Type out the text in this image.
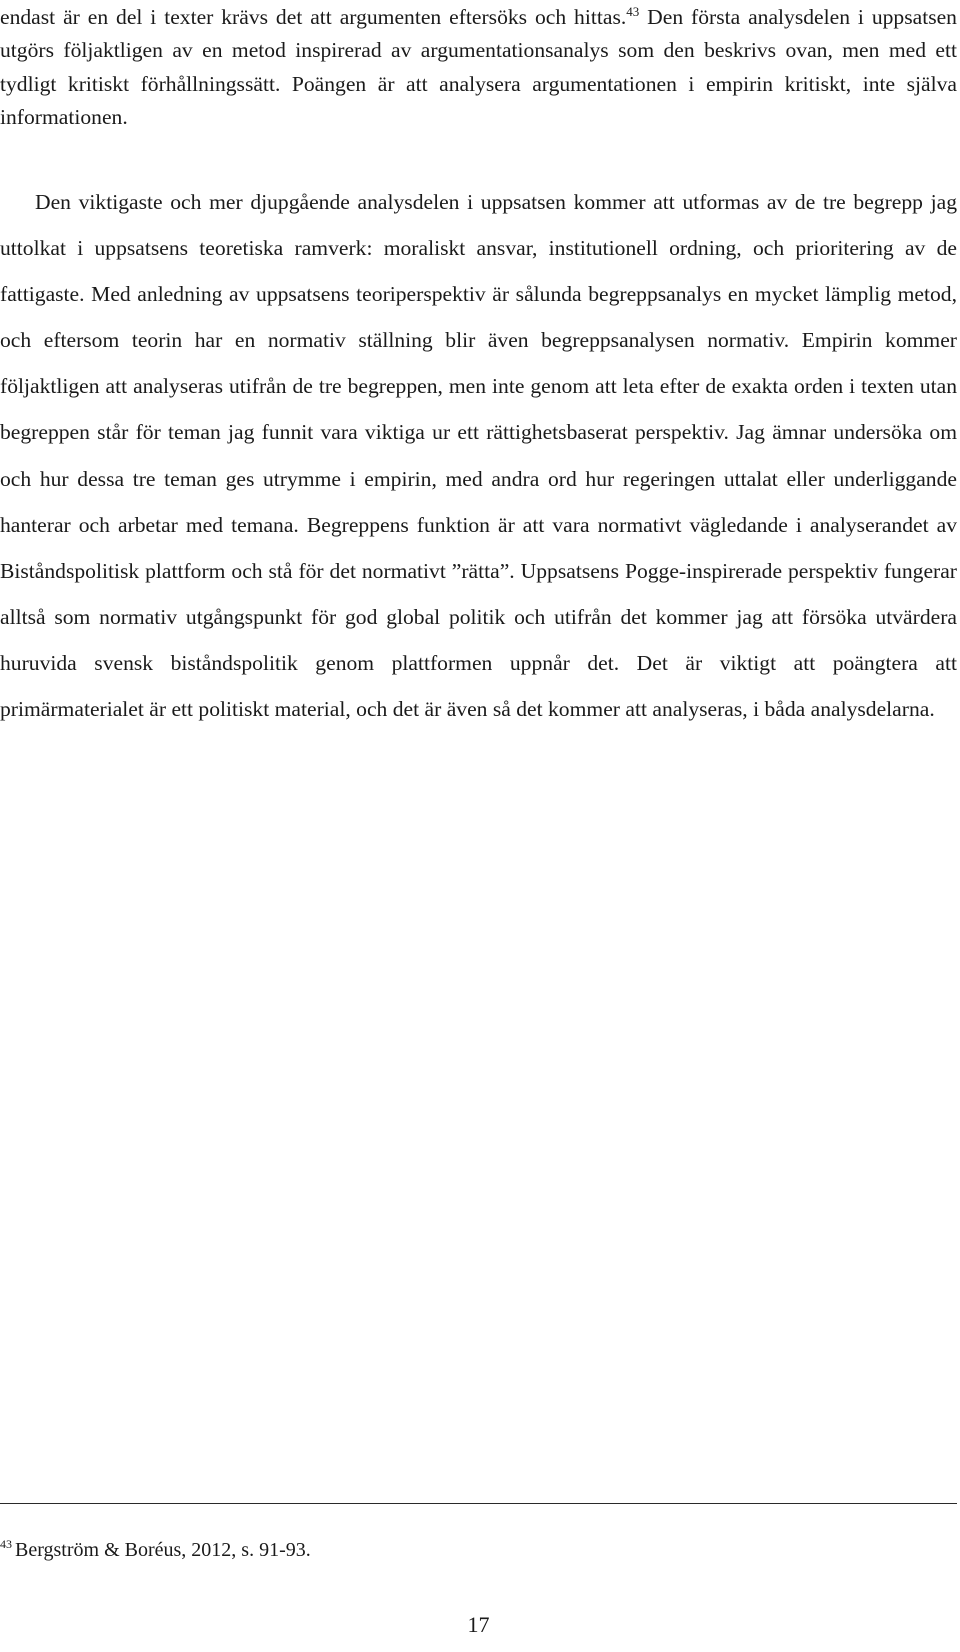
endast är en del i texter krävs det att argumenten eftersöks och hittas.$^{43}$ Den första analysdelen i uppsatsen utgörs följaktligen av en metod inspirerad av argumentationsanalys som den beskrivs ovan, men med ett tydligt kritiskt förhållningssätt. Poängen är att analysera argumentationen i empirin kritiskt, inte själva informationen.

Den viktigaste och mer djupgående analysdelen i uppsatsen kommer att utformas av de tre begrepp jag uttolkat i uppsatsens teoretiska ramverk: moraliskt ansvar, institutionell ordning, och prioritering av de fattigaste. Med anledning av uppsatsens teoriperspektiv är sålunda begreppsanalys en mycket lämplig metod, och eftersom teorin har en normativ ställning blir även begreppsanalysen normativ. Empirin kommer följaktligen att analyseras utifrån de tre begreppen, men inte genom att leta efter de exakta orden i texten utan begreppen står för teman jag funnit vara viktiga ur ett rättighetsbaserat perspektiv. Jag ämnar undersöka om och hur dessa tre teman ges utrymme i empirin, med andra ord hur regeringen uttalat eller underliggande hanterar och arbetar med temana. Begreppens funktion är att vara normativt vägledande i analyserandet av Biståndspolitisk plattform och stå för det normativt ”rätta”. Uppsatsens Pogge-inspirerade perspektiv fungerar alltså som normativ utgångspunkt för god global politik och utifrån det kommer jag att försöka utvärdera huruvida svensk biståndspolitik genom plattformen uppnår det. Det är viktigt att poängtera att primärmaterialet är ett politiskt material, och det är även så det kommer att analyseras, i båda analysdelarna.

$^{43}$ Bergström & Boréus, 2012, s. 91-93.

17
